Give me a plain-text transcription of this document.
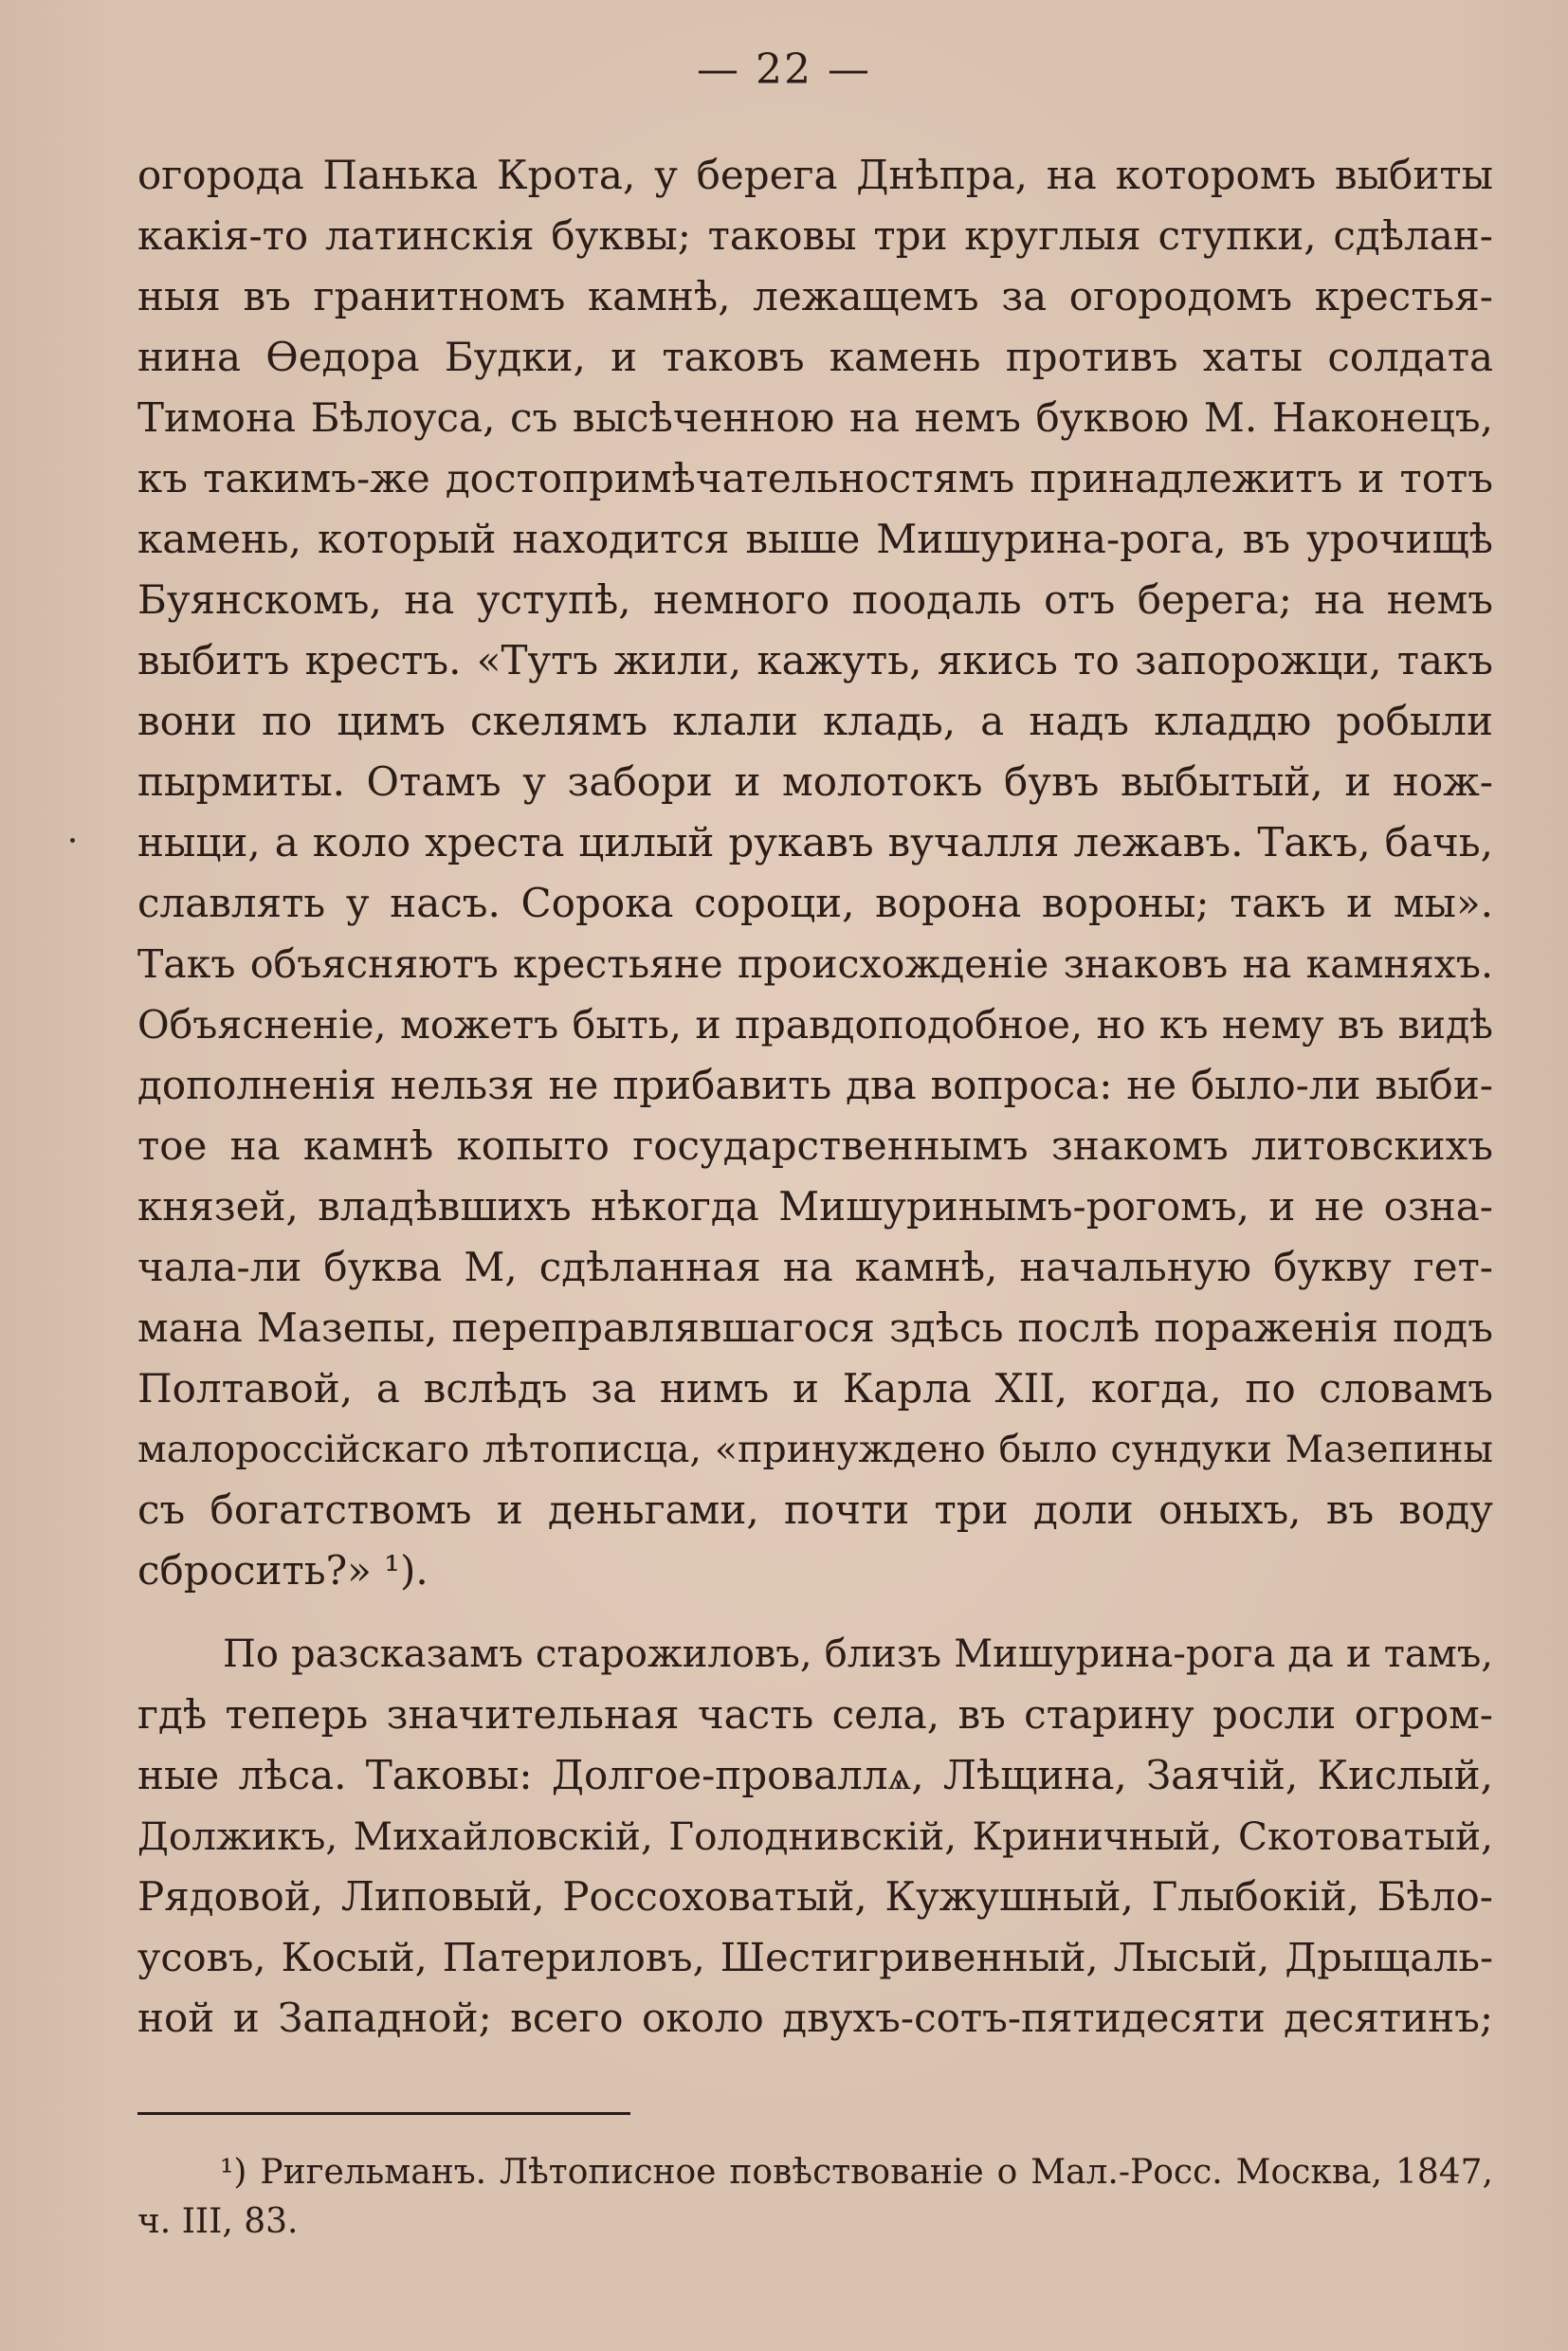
— 22 —
огорода Панька Крота, у берега Днѣпра, на которомъ выбиты
какія-то латинскія буквы; таковы три круглыя ступки, сдѣлан-
ныя въ гранитномъ камнѣ, лежащемъ за огородомъ крестья-
нина Ѳедора Будки, и таковъ камень противъ хаты солдата
Тимона Бѣлоуса, съ высѣченною на немъ буквою М. Наконецъ,
къ такимъ-же достопримѣчательностямъ принадлежитъ и тотъ
камень, который находится выше Мишурина-рога, въ урочищѣ
Буянскомъ, на уступѣ, немного поодаль отъ берега; на немъ
выбитъ крестъ. «Тутъ жили, кажуть, якись то запорожци, такъ
вони по цимъ скелямъ клали кладь, а надъ кладдю робыли
пырмиты. Отамъ у забори и молотокъ бувъ выбытый, и нож-
ныци, а коло хреста цилый рукавъ вучалля лежавъ. Такъ, бачь,
славлять у насъ. Сорока сороци, ворона вороны; такъ и мы».
Такъ объясняютъ крестьяне происхожденіе знаковъ на камняхъ.
Объясненіе, можетъ быть, и правдоподобное, но къ нему въ видѣ
дополненія нельзя не прибавить два вопроса: не было-ли выби-
тое на камнѣ копыто государственнымъ знакомъ литовскихъ
князей, владѣвшихъ нѣкогда Мишуринымъ-рогомъ, и не озна-
чала-ли буква М, сдѣланная на камнѣ, начальную букву гет-
мана Мазепы, переправлявшагося здѣсь послѣ пораженія подъ
Полтавой, а вслѣдъ за нимъ и Карла XII, когда, по словамъ
малороссійскаго лѣтописца, «принуждено было сундуки Мазепины
съ богатствомъ и деньгами, почти три доли оныхъ, въ воду
сбросить?» ¹).
По разсказамъ старожиловъ, близъ Мишурина-рога да и тамъ,
гдѣ теперь значительная часть села, въ старину росли огром-
ные лѣса. Таковы: Долгое-проваллѧ, Лѣщина, Заячій, Кислый,
Должикъ, Михайловскій, Голоднивскій, Криничный, Скотоватый,
Рядовой, Липовый, Россоховатый, Кужушный, Глыбокій, Бѣло-
усовъ, Косый, Патериловъ, Шестигривенный, Лысый, Дрыщаль-
ной и Западной; всего около двухъ-сотъ-пятидесяти десятинъ;
¹) Ригельманъ. Лѣтописное повѣствованіе о Мал.-Росс. Москва, 1847,
ч. III, 83.
